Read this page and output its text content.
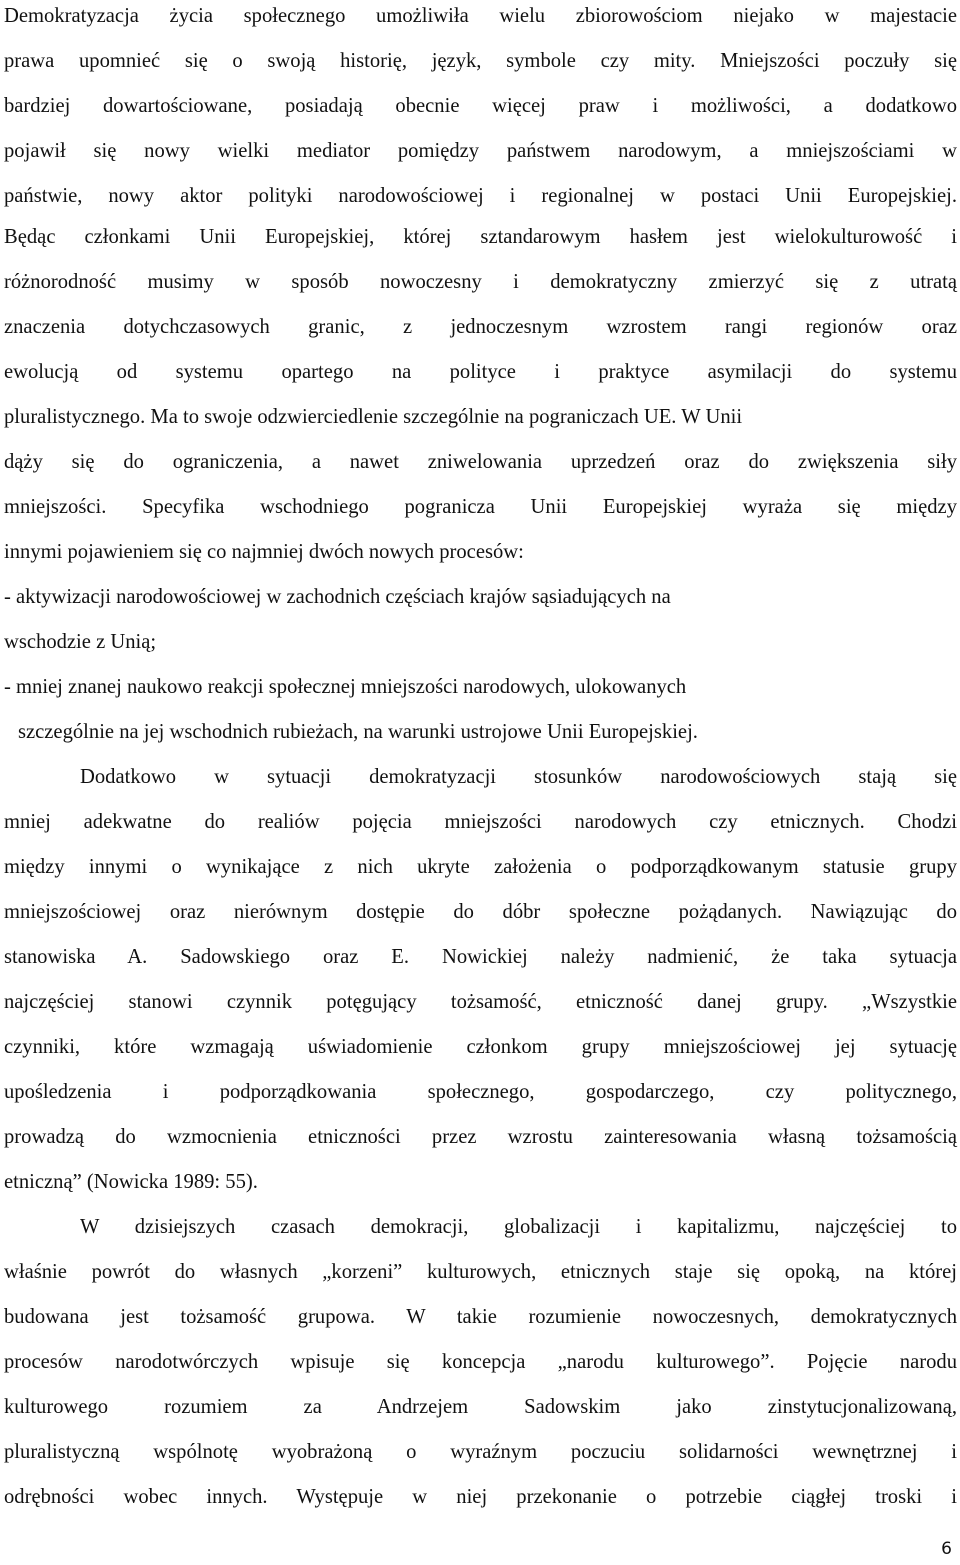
Demokratyzacja życia społecznego umożliwiła wielu zbiorowościom niejako w majestacie
prawa upomnieć się o swoją historię, język, symbole czy mity. Mniejszości poczuły się
bardziej dowartościowane, posiadają obecnie więcej praw i możliwości, a dodatkowo
pojawił się nowy wielki mediator pomiędzy państwem narodowym, a mniejszościami w
państwie, nowy aktor polityki narodowościowej i regionalnej w postaci Unii Europejskiej.
Będąc członkami Unii Europejskiej, której sztandarowym hasłem jest wielokulturowość i
różnorodność musimy w sposób nowoczesny i demokratyczny zmierzyć się z utratą
znaczenia dotychczasowych granic, z jednoczesnym wzrostem rangi regionów oraz
ewolucją od systemu opartego na polityce i praktyce asymilacji do systemu
pluralistycznego. Ma to swoje odzwierciedlenie szczególnie na pograniczach UE. W Unii
dąży się do ograniczenia, a nawet zniwelowania uprzedzeń oraz do zwiększenia siły
mniejszości. Specyfika wschodniego pogranicza Unii Europejskiej wyraża się między
innymi pojawieniem się co najmniej dwóch nowych procesów:
- aktywizacji narodowościowej w zachodnich częściach krajów sąsiadujących na
wschodzie z Unią;
- mniej znanej naukowo reakcji społecznej mniejszości narodowych, ulokowanych
szczególnie na jej wschodnich rubieżach, na warunki ustrojowe Unii Europejskiej.
Dodatkowo w sytuacji demokratyzacji stosunków narodowościowych stają się
mniej adekwatne do realiów pojęcia mniejszości narodowych czy etnicznych. Chodzi
między innymi o wynikające z nich ukryte założenia o podporządkowanym statusie grupy
mniejszościowej oraz nierównym dostępie do dóbr społeczne pożądanych. Nawiązując do
stanowiska A. Sadowskiego oraz E. Nowickiej należy nadmienić, że taka sytuacja
najczęściej stanowi czynnik potęgujący tożsamość, etniczność danej grupy. „Wszystkie
czynniki, które wzmagają uświadomienie członkom grupy mniejszościowej jej sytuację
upośledzenia i podporządkowania społecznego, gospodarczego, czy politycznego,
prowadzą do wzmocnienia etniczności przez wzrostu zainteresowania własną tożsamością
etniczną” (Nowicka 1989: 55).
W dzisiejszych czasach demokracji, globalizacji i kapitalizmu, najczęściej to
właśnie powrót do własnych „korzeni” kulturowych, etnicznych staje się opoką, na której
budowana jest tożsamość grupowa. W takie rozumienie nowoczesnych, demokratycznych
procesów narodotwórczych wpisuje się koncepcja „narodu kulturowego”. Pojęcie narodu
kulturowego rozumiem za Andrzejem Sadowskim jako zinstytucjonalizowaną,
pluralistyczną wspólnotę wyobrażoną o wyraźnym poczuciu solidarności wewnętrznej i
odrębności wobec innych. Występuje w niej przekonanie o potrzebie ciągłej troski i
6
